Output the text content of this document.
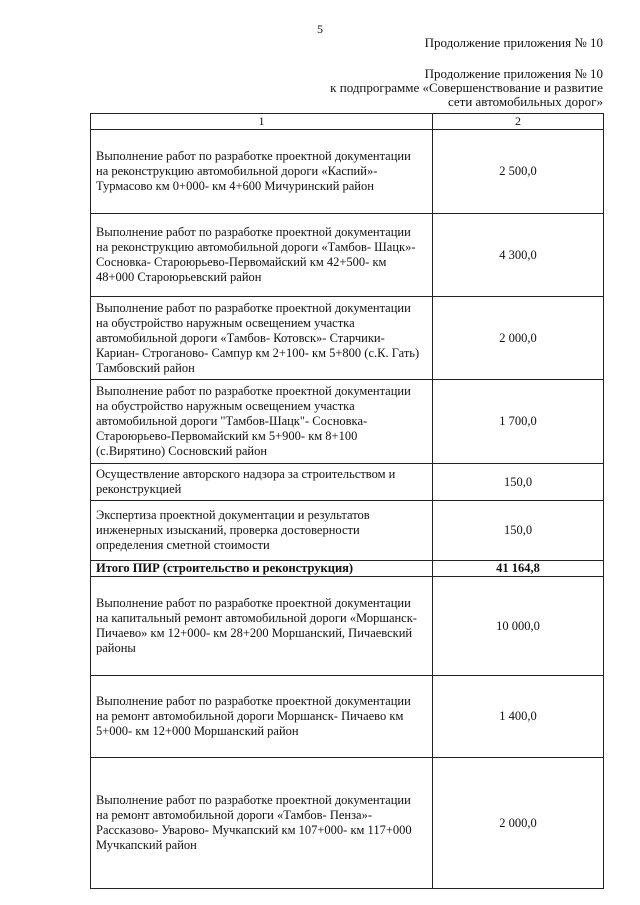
5
Продолжение приложения № 10
Продолжение приложения № 10
к подпрограмме «Совершенствование и развитие
сети автомобильных дорог»
1	2
Выполнение работ по разработке проектной документации на реконструкцию автомобильной дороги «Каспий»- Турмасово км 0+000- км 4+600 Мичуринский район	2 500,0
Выполнение работ по разработке проектной документации на реконструкцию автомобильной дороги «Тамбов- Шацк»-Сосновка- Староюрьево-Первомайский км 42+500- км 48+000 Староюрьевский район	4 300,0
Выполнение работ по разработке проектной документации на обустройство наружным освещением участка автомобильной дороги «Тамбов- Котовск»- Старчики- Кариан- Строганово- Сампур км 2+100- км 5+800 (с.К. Гать) Тамбовский район	2 000,0
Выполнение работ по разработке проектной документации на обустройство наружным освещением участка автомобильной дороги "Тамбов-Шацк"- Сосновка-Староюрьево-Первомайский км 5+900- км 8+100 (с.Вирятино) Сосновский район	1 700,0
Осуществление авторского надзора за строительством и реконструкцией	150,0
Экспертиза проектной документации и результатов инженерных изысканий, проверка достоверности определения сметной стоимости	150,0
Итого ПИР (строительство и реконструкция)	41 164,8
Выполнение работ по разработке проектной документации на капитальный ремонт автомобильной дороги «Моршанск- Пичаево» км 12+000- км 28+200 Моршанский, Пичаевский районы	10 000,0
Выполнение работ по разработке проектной документации на ремонт автомобильной дороги Моршанск- Пичаево км 5+000- км 12+000 Моршанский район	1 400,0
Выполнение работ по разработке проектной документации на ремонт автомобильной дороги «Тамбов- Пенза»- Рассказово- Уварово- Мучкапский км 107+000- км 117+000 Мучкапский район	2 000,0
